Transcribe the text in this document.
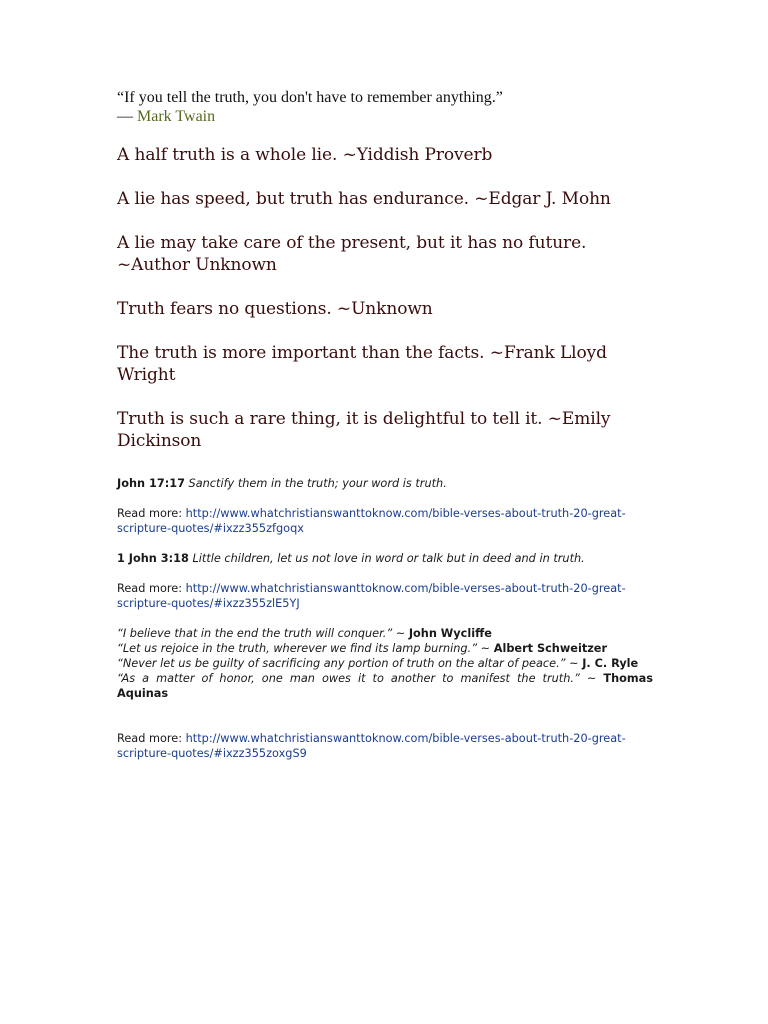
“If you tell the truth, you don't have to remember anything.”
— Mark Twain

A half truth is a whole lie. ~Yiddish Proverb

A lie has speed, but truth has endurance. ~Edgar J. Mohn

A lie may take care of the present, but it has no future. ~Author Unknown

Truth fears no questions. ~Unknown

The truth is more important than the facts. ~Frank Lloyd Wright

Truth is such a rare thing, it is delightful to tell it. ~Emily Dickinson

John 17:17 Sanctify them in the truth; your word is truth.
Read more: http://www.whatchristianswanttoknow.com/bible-verses-about-truth-20-great-scripture-quotes/#ixzz355zfgoqx
1 John 3:18 Little children, let us not love in word or talk but in deed and in truth.
Read more: http://www.whatchristianswanttoknow.com/bible-verses-about-truth-20-great-scripture-quotes/#ixzz355zlE5YJ
“I believe that in the end the truth will conquer.” ~ John Wycliffe
“Let us rejoice in the truth, wherever we find its lamp burning.” ~ Albert Schweitzer
“Never let us be guilty of sacrificing any portion of truth on the altar of peace.” ~ J. C. Ryle
“As a matter of honor, one man owes it to another to manifest the truth.” ~ Thomas Aquinas
Read more: http://www.whatchristianswanttoknow.com/bible-verses-about-truth-20-great-scripture-quotes/#ixzz355zoxgS9
